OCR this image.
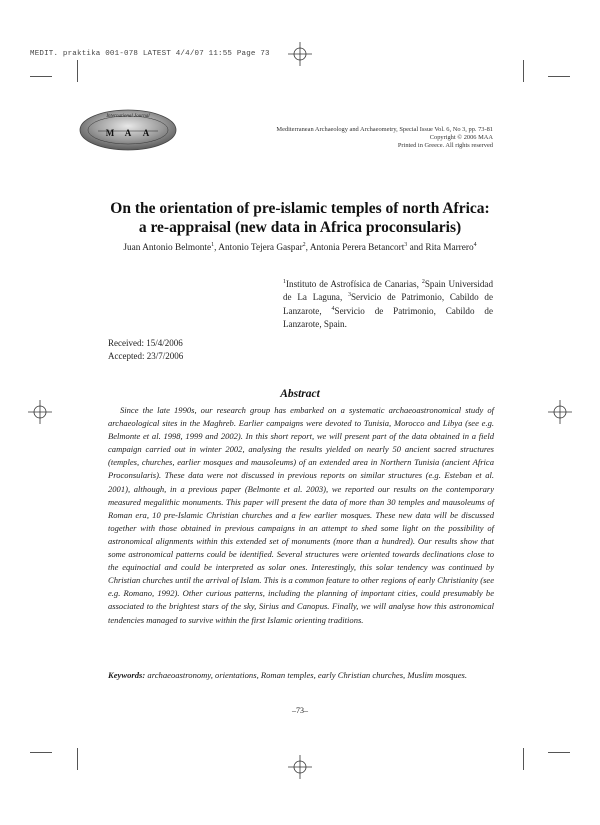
MEDIT. praktika 001-078 LATEST 4/4/07 11:55 Page 73
International Journal
M A A	Mediterranean Archaeology and Archaeometry, Special Issue Vol. 6, No 3, pp. 73-81
Copyright © 2006 MAA
Printed in Greece. All rights reserved
On the orientation of pre-islamic temples of north Africa:
a re-appraisal (new data in Africa proconsularis)
Juan Antonio Belmonte$^1$, Antonio Tejera Gaspar$^2$, Antonia Perera Betancort$^3$ and Rita Marrero$^4$
$^1$Instituto de Astrofísica de Canarias, $^2$Spain Universidad de La Laguna, $^3$Servicio de Patrimonio, Cabildo de Lanzarote, $^4$Servicio de Patrimonio, Cabildo de Lanzarote, Spain.
Received: 15/4/2006
Accepted: 23/7/2006
Abstract

Since the late 1990s, our research group has embarked on a systematic archaeoastronomical study of archaeological sites in the Maghreb. Earlier campaigns were devoted to Tunisia, Morocco and Libya (see e.g. Belmonte et al. 1998, 1999 and 2002). In this short report, we will present part of the data obtained in a field campaign carried out in winter 2002, analysing the results yielded on nearly 50 ancient sacred structures (temples, churches, earlier mosques and mausoleums) of an extended area in Northern Tunisia (ancient Africa Proconsularis). These data were not discussed in previous reports on similar structures (e.g. Esteban et al. 2001), although, in a previous paper (Belmonte et al. 2003), we reported our results on the contemporary measured megalithic monuments. This paper will present the data of more than 30 temples and mausoleums of Roman era, 10 pre-Islamic Christian churches and a few earlier mosques. These new data will be discussed together with those obtained in previous campaigns in an attempt to shed some light on the possibility of astronomical alignments within this extended set of monuments (more than a hundred). Our results show that some astronomical patterns could be identified. Several structures were oriented towards declinations close to the equinoctial and could be interpreted as solar ones. Interestingly, this solar tendency was continued by Christian churches until the arrival of Islam. This is a common feature to other regions of early Christianity (see e.g. Romano, 1992). Other curious patterns, including the planning of important cities, could presumably be associated to the brightest stars of the sky, Sirius and Canopus. Finally, we will analyse how this astronomical tendencies managed to survive within the first Islamic orienting traditions.

Keywords: archaeoastronomy, orientations, Roman temples, early Christian churches, Muslim mosques.
–73–
